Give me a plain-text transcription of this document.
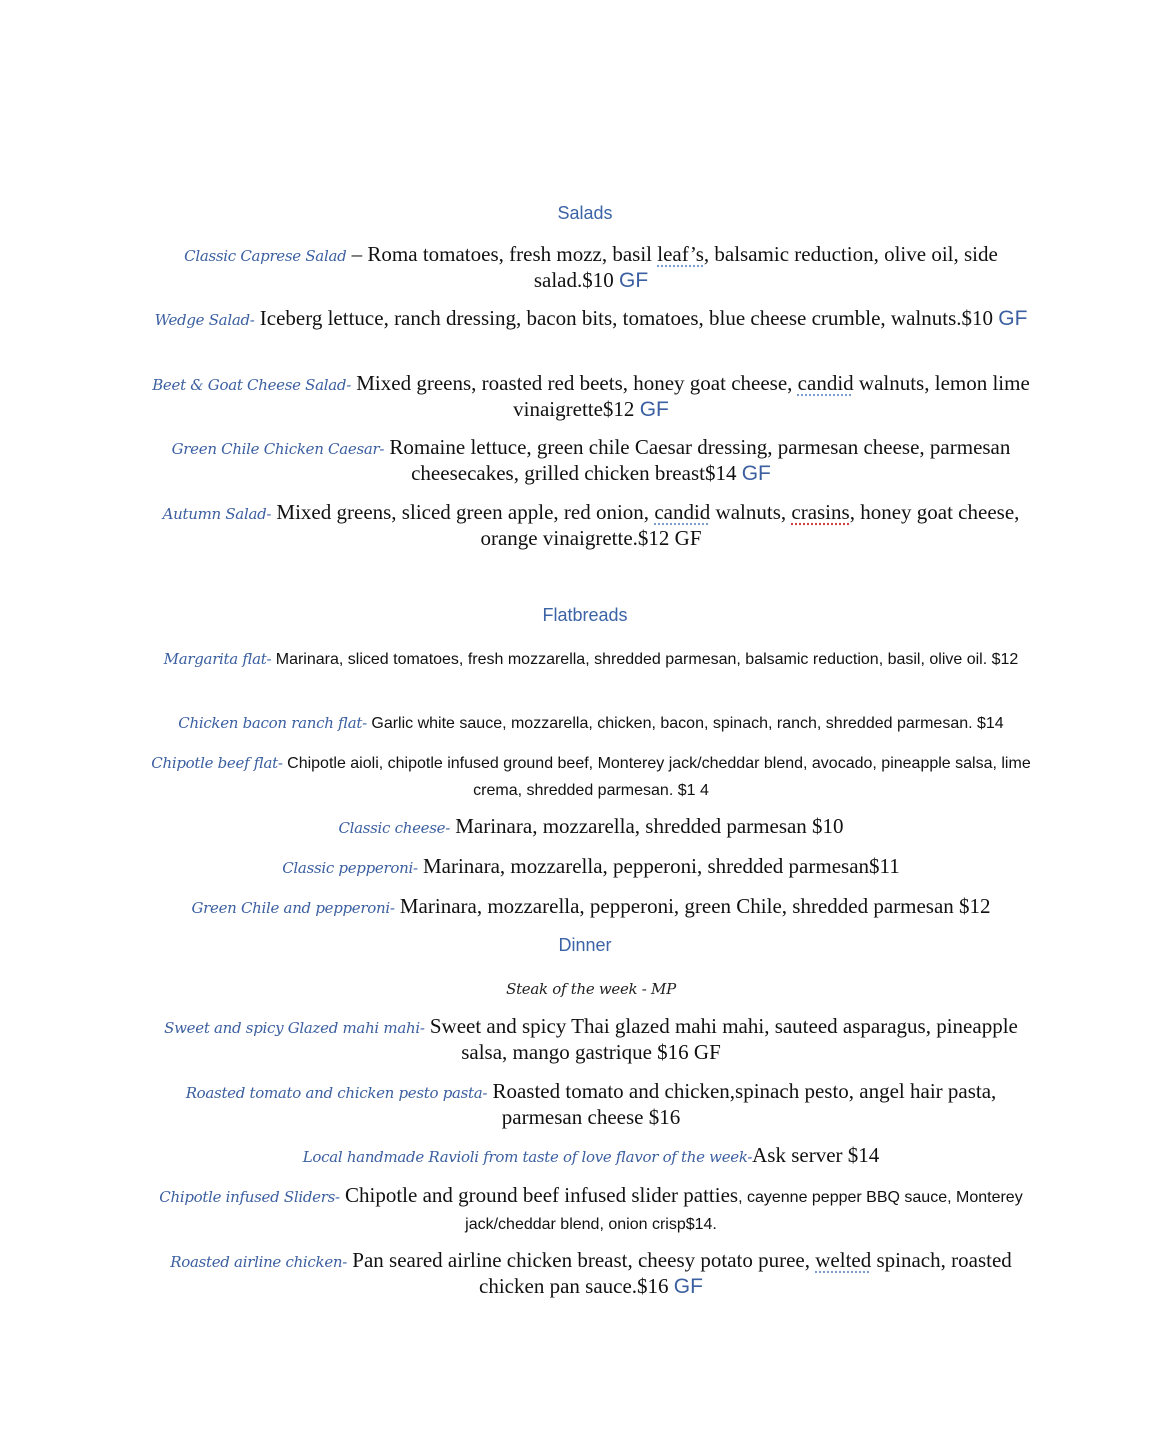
Salads
Classic Caprese Salad – Roma tomatoes, fresh mozz, basil leaf’s, balsamic reduction, olive oil, side salad.$10 GF
Wedge Salad- Iceberg lettuce, ranch dressing, bacon bits, tomatoes, blue cheese crumble, walnuts.$10 GF
Beet & Goat Cheese Salad- Mixed greens, roasted red beets, honey goat cheese, candid walnuts, lemon lime vinaigrette$12 GF
Green Chile Chicken Caesar- Romaine lettuce, green chile Caesar dressing, parmesan cheese, parmesan cheesecakes, grilled chicken breast$14 GF
Autumn Salad- Mixed greens, sliced green apple, red onion, candid walnuts, crasins, honey goat cheese, orange vinaigrette.$12 GF
Flatbreads
Margarita flat- Marinara, sliced tomatoes, fresh mozzarella, shredded parmesan, balsamic reduction, basil, olive oil. $12
Chicken bacon ranch flat- Garlic white sauce, mozzarella, chicken, bacon, spinach, ranch, shredded parmesan. $14
Chipotle beef flat- Chipotle aioli, chipotle infused ground beef, Monterey jack/cheddar blend, avocado, pineapple salsa, lime crema, shredded parmesan. $1 4
Classic cheese- Marinara, mozzarella, shredded parmesan $10
Classic pepperoni- Marinara, mozzarella, pepperoni, shredded parmesan$11
Green Chile and pepperoni- Marinara, mozzarella, pepperoni, green Chile, shredded parmesan $12
Dinner
Steak of the week - MP
Sweet and spicy Glazed mahi mahi- Sweet and spicy Thai glazed mahi mahi, sauteed asparagus, pineapple salsa, mango gastrique $16 GF
Roasted tomato and chicken pesto pasta- Roasted tomato and chicken,spinach pesto, angel hair pasta, parmesan cheese $16
Local handmade Ravioli from taste of love flavor of the week-Ask server $14
Chipotle infused Sliders- Chipotle and ground beef infused slider patties, cayenne pepper BBQ sauce, Monterey jack/cheddar blend, onion crisp$14.
Roasted airline chicken- Pan seared airline chicken breast, cheesy potato puree, welted spinach, roasted chicken pan sauce.$16 GF
